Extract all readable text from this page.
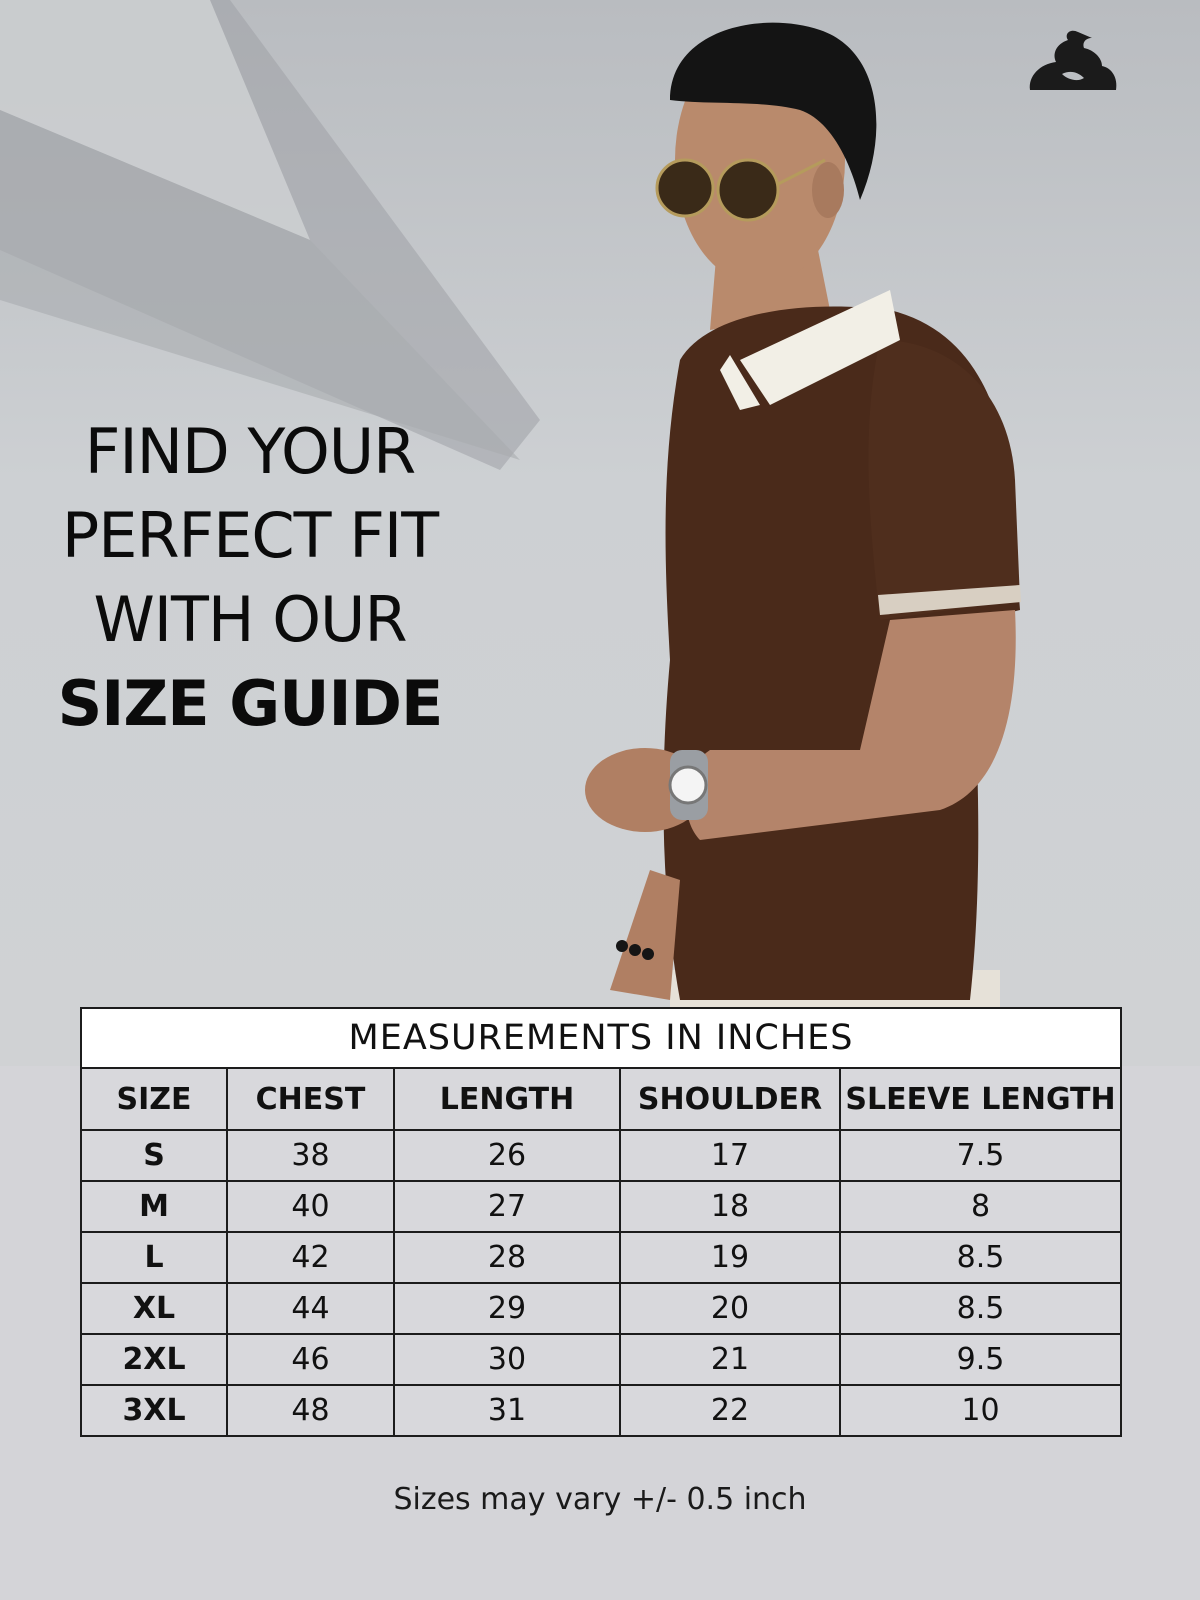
FIND YOUR
PERFECT FIT
WITH OUR
SIZE GUIDE
MEASUREMENTS IN INCHES				
SIZE	CHEST	LENGTH	SHOULDER	SLEEVE LENGTH
S	38	26	17	7.5
M	40	27	18	8
L	42	28	19	8.5
XL	44	29	20	8.5
2XL	46	30	21	9.5
3XL	48	31	22	10
Sizes may vary +/- 0.5 inch
